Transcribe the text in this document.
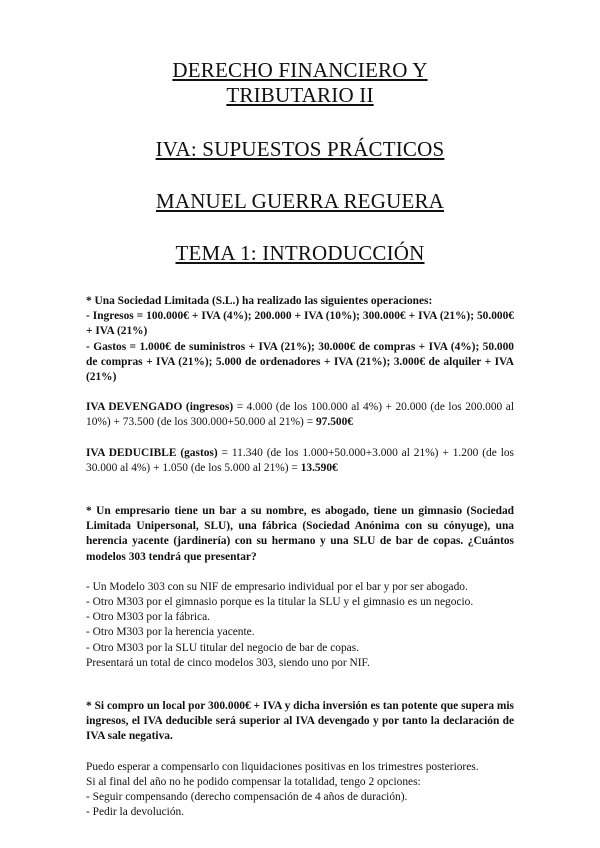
DERECHO FINANCIERO Y
TRIBUTARIO II
IVA: SUPUESTOS PRÁCTICOS
MANUEL GUERRA REGUERA
TEMA 1: INTRODUCCIÓN

* Una Sociedad Limitada (S.L.) ha realizado las siguientes operaciones:

- Ingresos = 100.000€ + IVA (4%); 200.000 + IVA (10%); 300.000€ + IVA (21%); 50.000€ + IVA (21%)

- Gastos = 1.000€ de suministros + IVA (21%); 30.000€ de compras + IVA (4%); 50.000 de compras + IVA (21%); 5.000 de ordenadores + IVA (21%); 3.000€ de alquiler + IVA (21%)

IVA DEVENGADO (ingresos) = 4.000 (de los 100.000 al 4%) + 20.000 (de los 200.000 al 10%) + 73.500 (de los 300.000+50.000 al 21%) = 97.500€

IVA DEDUCIBLE (gastos) = 11.340 (de los 1.000+50.000+3.000 al 21%) + 1.200 (de los 30.000 al 4%) + 1.050 (de los 5.000 al 21%) = 13.590€

* Un empresario tiene un bar a su nombre, es abogado, tiene un gimnasio (Sociedad Limitada Unipersonal, SLU), una fábrica (Sociedad Anónima con su cónyuge), una herencia yacente (jardinería) con su hermano y una SLU de bar de copas. ¿Cuántos modelos 303 tendrá que presentar?

- Un Modelo 303 con su NIF de empresario individual por el bar y por ser abogado.

- Otro M303 por el gimnasio porque es la titular la SLU y el gimnasio es un negocio.

- Otro M303 por la fábrica.

- Otro M303 por la herencia yacente.

- Otro M303 por la SLU titular del negocio de bar de copas.

Presentará un total de cinco modelos 303, siendo uno por NIF.

* Si compro un local por 300.000€ + IVA y dicha inversión es tan potente que supera mis ingresos, el IVA deducible será superior al IVA devengado y por tanto la declaración de IVA sale negativa.

Puedo esperar a compensarlo con liquidaciones positivas en los trimestres posteriores.

Si al final del año no he podido compensar la totalidad, tengo 2 opciones:

- Seguir compensando (derecho compensación de 4 años de duración).

- Pedir la devolución.
